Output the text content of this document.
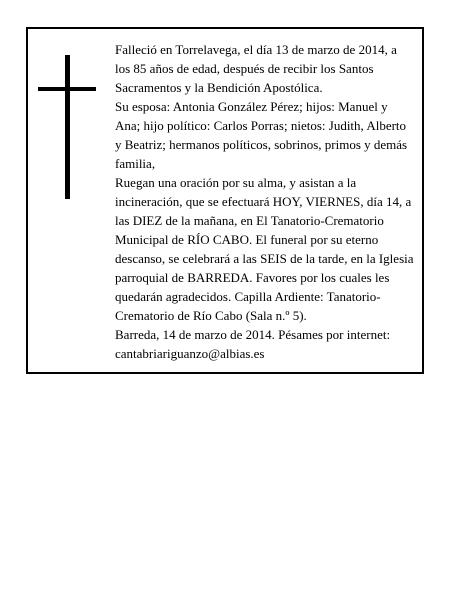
Falleció en Torrelavega, el día 13 de marzo de 2014, a los 85 años de edad, después de recibir los Santos Sacramentos y la Bendición Apostólica.

Su esposa: Antonia González Pérez; hijos: Manuel y Ana; hijo político: Carlos Porras; nietos: Judith, Alberto y Beatriz; hermanos políticos, sobrinos, primos y demás familia,

Ruegan una oración por su alma, y asistan a la incineración, que se efectuará HOY, VIERNES, día 14, a las DIEZ de la mañana, en El Tanatorio-Crematorio Municipal de RÍO CABO. El funeral por su eterno descanso, se celebrará a las SEIS de la tarde, en la Iglesia parroquial de BARREDA. Favores por los cuales les quedarán agradecidos. Capilla Ardiente: Tanatorio-Crematorio de Río Cabo (Sala n.º 5).

Barreda, 14 de marzo de 2014. Pésames por internet: cantabriariguanzo@albias.es
